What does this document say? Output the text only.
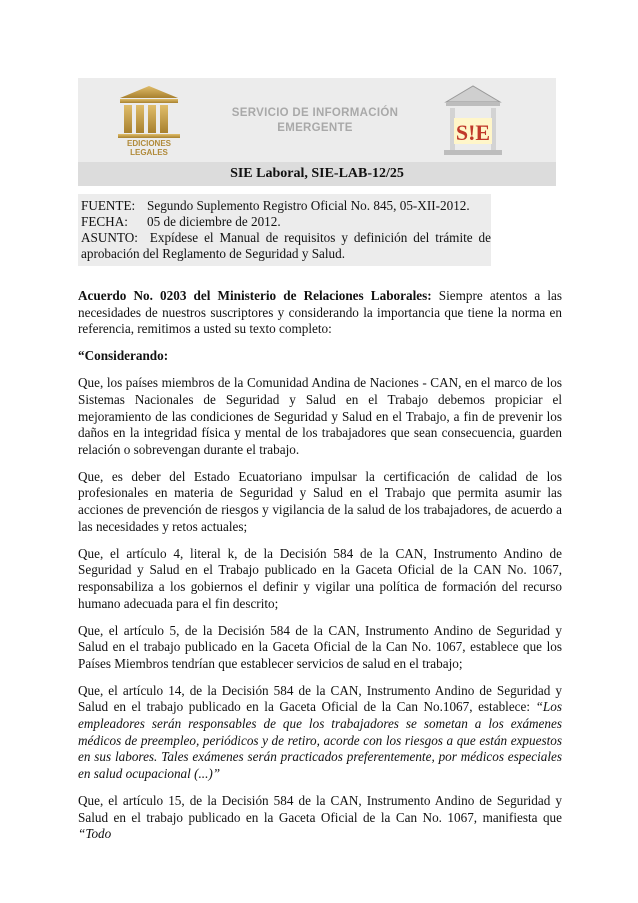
EDICIONES
LEGALES
SERVICIO DE INFORMACIÓN
EMERGENTE	S!E
SIE Laboral, SIE-LAB-12/25
FUENTE: Segundo Suplemento Registro Oficial No. 845, 05-XII-2012.
FECHA:	05 de diciembre de 2012.
ASUNTO: Expídese el Manual de requisitos y definición del trámite de aprobación del Reglamento de Seguridad y Salud.

Acuerdo No. 0203 del Ministerio de Relaciones Laborales: Siempre atentos a las necesidades de nuestros suscriptores y considerando la importancia que tiene la norma en referencia, remitimos a usted su texto completo:

“Considerando:

Que, los países miembros de la Comunidad Andina de Naciones - CAN, en el marco de los Sistemas Nacionales de Seguridad y Salud en el Trabajo debemos propiciar el mejoramiento de las condiciones de Seguridad y Salud en el Trabajo, a fin de prevenir los daños en la integridad física y mental de los trabajadores que sean consecuencia, guarden relación o sobrevengan durante el trabajo.

Que, es deber del Estado Ecuatoriano impulsar la certificación de calidad de los profesionales en materia de Seguridad y Salud en el Trabajo que permita asumir las acciones de prevención de riesgos y vigilancia de la salud de los trabajadores, de acuerdo a las necesidades y retos actuales;

Que, el artículo 4, literal k, de la Decisión 584 de la CAN, Instrumento Andino de Seguridad y Salud en el Trabajo publicado en la Gaceta Oficial de la CAN No. 1067, responsabiliza a los gobiernos el definir y vigilar una política de formación del recurso humano adecuada para el fin descrito;

Que, el artículo 5, de la Decisión 584 de la CAN, Instrumento Andino de Seguridad y Salud en el trabajo publicado en la Gaceta Oficial de la Can No. 1067, establece que los Países Miembros tendrían que establecer servicios de salud en el trabajo;

Que, el artículo 14, de la Decisión 584 de la CAN, Instrumento Andino de Seguridad y Salud en el trabajo publicado en la Gaceta Oficial de la Can No.1067, establece: “Los empleadores serán responsables de que los trabajadores se sometan a los exámenes médicos de preempleo, periódicos y de retiro, acorde con los riesgos a que están expuestos en sus labores. Tales exámenes serán practicados preferentemente, por médicos especiales en salud ocupacional (...)”

Que, el artículo 15, de la Decisión 584 de la CAN, Instrumento Andino de Seguridad y Salud en el trabajo publicado en la Gaceta Oficial de la Can No. 1067, manifiesta que “Todo
